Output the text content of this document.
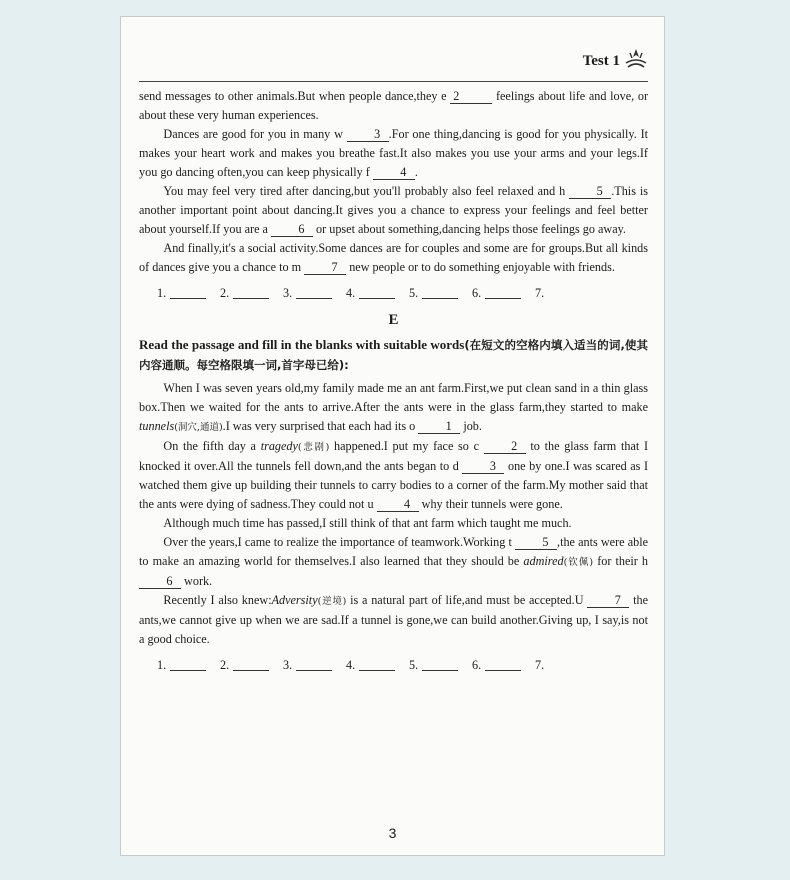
Test 1

send messages to other animals.But when people dance,they e 2	feelings about life and love, or about these very human experiences.

Dances are good for you in many w	3 .For one thing,dancing is good for you physically. It makes your heart work and makes you breathe fast.It also makes you use your arms and your legs.If you go dancing often,you can keep physically f 4 .

You may feel very tired after dancing,but you'll probably also feel relaxed and h	5 .This is another important point about dancing.It gives you a chance to express your feelings and feel better about yourself.If you are a 6 or upset about something,dancing helps those feelings go away.

And finally,it's a social activity.Some dances are for couples and some are for groups.But all kinds of dances give you a chance to m 7 new people or to do something enjoyable with friends.

1.	2.	3.	4.	5.	6.	7.
E
Read the passage and fill in the blanks with suitable words(在短文的空格内填入适当的词,使其内容通顺。每空格限填一词,首字母已给):

When I was seven years old,my family made me an ant farm.First,we put clean sand in a thin glass box.Then we waited for the ants to arrive.After the ants were in the glass farm,they started to make tunnels(洞穴,通道).I was very surprised that each had its o 1 job.

On the fifth day a tragedy(悲剧) happened.I put my face so c	2 to the glass farm that I knocked it over.All the tunnels fell down,and the ants began to d	3 one by one.I was scared as I watched them give up building their tunnels to carry bodies to a corner of the farm.My mother said that the ants were dying of sadness.They could not u 4 why their tunnels were gone.

Although much time has passed,I still think of that ant farm which taught me much.

Over the years,I came to realize the importance of teamwork.Working t	5 ,the ants were able to make an amazing world for themselves.I also learned that they should be admired(钦佩) for their h 6 work.

Recently I also knew:Adversity(逆境) is a natural part of life,and must be accepted.U	7 the ants,we cannot give up when we are sad.If a tunnel is gone,we can build another.Giving up, I say,is not a good choice.

1.	2.	3.	4.	5.	6.	7.
3
